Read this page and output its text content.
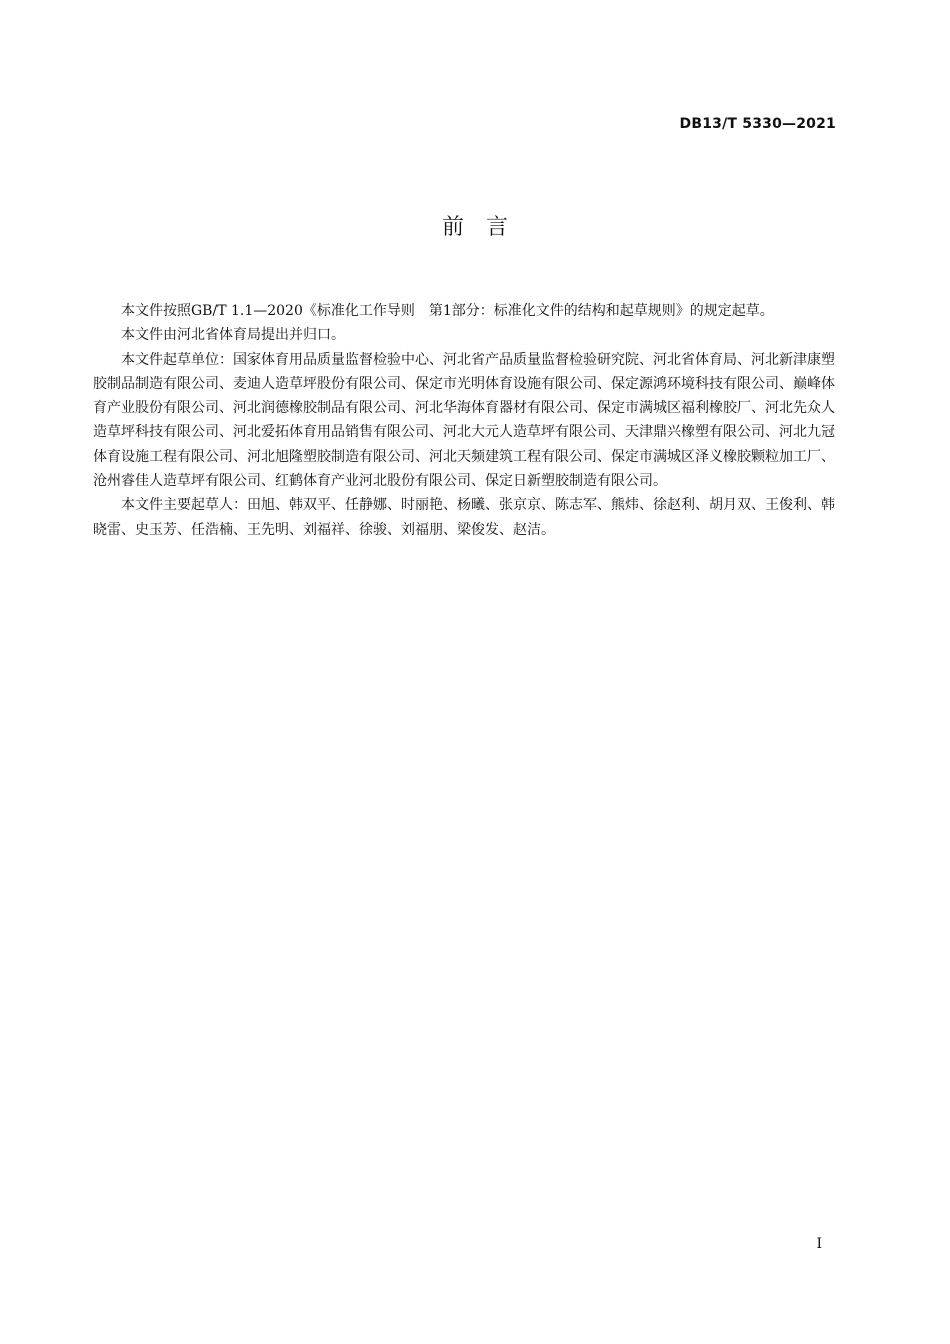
DB13/T 5330—2021
前言

本文件按照GB/T 1.1—2020《标准化工作导则　第1部分：标准化文件的结构和起草规则》的规定起草。

本文件由河北省体育局提出并归口。

本文件起草单位：国家体育用品质量监督检验中心、河北省产品质量监督检验研究院、河北省体育局、河北新津康塑胶制品制造有限公司、麦迪人造草坪股份有限公司、保定市光明体育设施有限公司、保定源鸿环境科技有限公司、巅峰体育产业股份有限公司、河北润德橡胶制品有限公司、河北华海体育器材有限公司、保定市满城区福利橡胶厂、河北先众人造草坪科技有限公司、河北爱拓体育用品销售有限公司、河北大元人造草坪有限公司、天津鼎兴橡塑有限公司、河北九冠体育设施工程有限公司、河北旭隆塑胶制造有限公司、河北天频建筑工程有限公司、保定市满城区泽义橡胶颗粒加工厂、沧州睿佳人造草坪有限公司、红鹤体育产业河北股份有限公司、保定日新塑胶制造有限公司。

本文件主要起草人：田旭、韩双平、任静娜、时丽艳、杨曦、张京京、陈志军、熊炜、徐赵利、胡月双、王俊利、韩晓雷、史玉芳、任浩楠、王先明、刘福祥、徐骏、刘福朋、梁俊发、赵洁。

I
